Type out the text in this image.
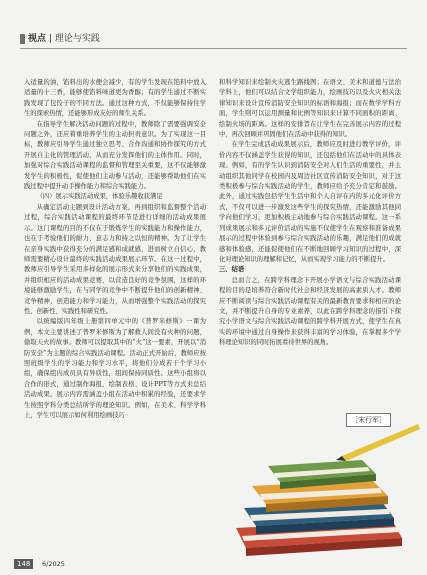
视点 | 理论与实践

入适量的油，馅料出的水便会减少，有的学生发现在馅料中放入适量的十三香，能够使馅料味道更为香醇；有的学生通过不断实践发现了包饺子的不同方法。通过这种方式，不仅能够保持住学生的探索热情，还能够形成友好的师生关系。

在指导学生解决活动问题的过程中，教师除了需要强调安全问题之外，还应着重培养学生的主动担责意识。为了实现这一目标，教师应引导学生通过独立思考、合作沟通和协作探究的方式开展自主化的管理活动，从而充分发挥他们的主体作用。同时，加强对综合实践活动课程的监督和管理至关重要，这不仅能够激发学生的积极性，促使他们主动参与活动，还能够帮助他们在实践过程中提升动手操作能力和综合实践能力。

（四）展示实践活动成果，体验乐趣收获满足

从确定活动主题到设计活动方案，再到组织和监督整个活动过程，综合实践活动课程的最终环节是进行详细的活动成果展示。这门课程的目的不仅在于锻炼学生的实践能力和操作能力，也在于考验他们的耐力、意志力和持之以恒的精神。为了让学生在亲身实践中获得充分的满足感和成就感，进而树立自信心，教师需要精心设计最终的实践活动成果展示环节。在这一过程中，教师应引导学生采用多样化的展示形式来分享他们的实践成果，并组织相应的活动成果竞赛，以营造良好的竞争氛围，这样的环境能够激励学生，在与同学的竞争中不断提升他们的创新精神、竞争精神、创造能力和学习能力，从而增强整个实践活动的探究性、创新性、实践性和研究性。

以统编版四年级上册第四单元中的《普罗米修斯》一课为例，本文主要讲述了普罗米修斯为了解救人间没有火种的问题，偷取天火的故事。教师可以提取其中的“火”这一要素，开展以“消防安全”为主题的综合实践活动课程。活动正式开始后，教师应按照班级学生的学习能力和学习水平，将他们分成若干个学习小组，确保组内成员具有异质性，组间保持同质性。这些小组将以合作的形式，通过制作海报、绘制表格、设计PPT等方式来总结活动成果。展示内容需涵盖小组在活动中积累的经验，还要求学生按照学科分类总结所学的理论知识。例如，在美术、科学学科上，学生可以展示如何利用绘画技巧

和科学知识来绘制火灾逃生路线图；在语文、美术和道德与法治学科上，他们可以结合文学组织能力，绘画技巧以及火灾相关法律知识来设计宣传消防安全知识的标语和海报；而在数学学科方面，学生则可以运用测量和比例等知识来计算不同面积的距离、绘制火场的距离。这样的安排旨在让学生在完善展示内容的过程中，再次回顾并巩固他们在活动中获得的知识。

在学生完成活动成果展示后，教师应及时进行教学评价，评价内容不仅涵盖学生获得的知识，还包括他们在活动中的具体表现。例如，有的学生认识到消防安全对人们生活的重要性，并主动组织其他同学在校园内及周边社区宣传消防安全知识，对于这类积极参与综合实践活动的学生，教师应给予充分肯定和鼓励。此外，通过实践包括学生生活中和个人自评在内的多元化评价方式，不仅可以进一步激发这些学生的探究热情，还能激励其他同学向他们学习，更加积极主动地参与综合实践活动课程。这一系列成果展示和多元评价活动的实施不仅使学生在观察和准备成果展示的过程中体验到参与综合实践活动的乐趣，满足他们的成就感和体验感，还能促使他们在不断地回顾学习知识的过程中，深化对理论知识的理解和记忆，从而实现学习能力的不断提升。

三、结语

总而言之，在跨学科理念下开展小学语文与综合实践活动课程的目的是培养符合新时代社会和经济发展的高素质人才。教师应不断阅读与综合实践活动课程有关的最新教育要求和相应的论文，并不断提升自身的专业素养，以此在跨学科理念的指引下探究小学语文与综合实践活动课程的跨学科开展方式，使学生在真实的环境中通过自身操作来获得丰富的学习体验，在掌握多个学科理论知识的同时拓展看待世界的视角。

［宋行军］
148	6/2025
